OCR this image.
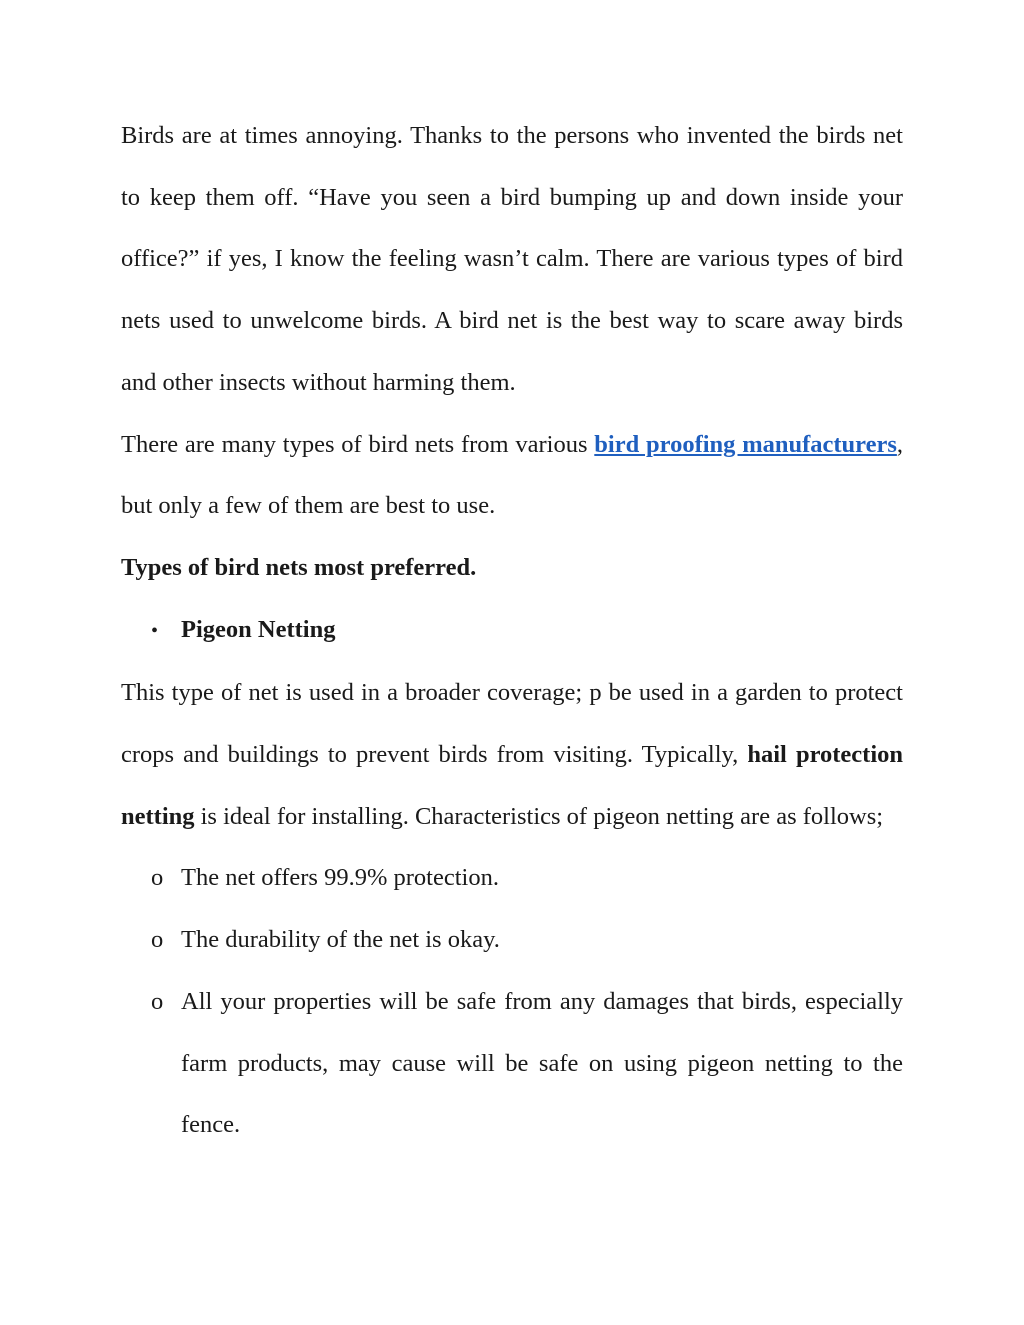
Birds are at times annoying. Thanks to the persons who invented the birds net to keep them off. “Have you seen a bird bumping up and down inside your office?” if yes, I know the feeling wasn’t calm. There are various types of bird nets used to unwelcome birds. A bird net is the best way to scare away birds and other insects without harming them.

There are many types of bird nets from various bird proofing manufacturers, but only a few of them are best to use.

Types of bird nets most preferred.

• Pigeon Netting

This type of net is used in a broader coverage; p be used in a garden to protect crops and buildings to prevent birds from visiting. Typically, hail protection netting is ideal for installing. Characteristics of pigeon netting are as follows;

o The net offers 99.9% protection.
o The durability of the net is okay.
o All your properties will be safe from any damages that birds, especially farm products, may cause will be safe on using pigeon netting to the fence.
